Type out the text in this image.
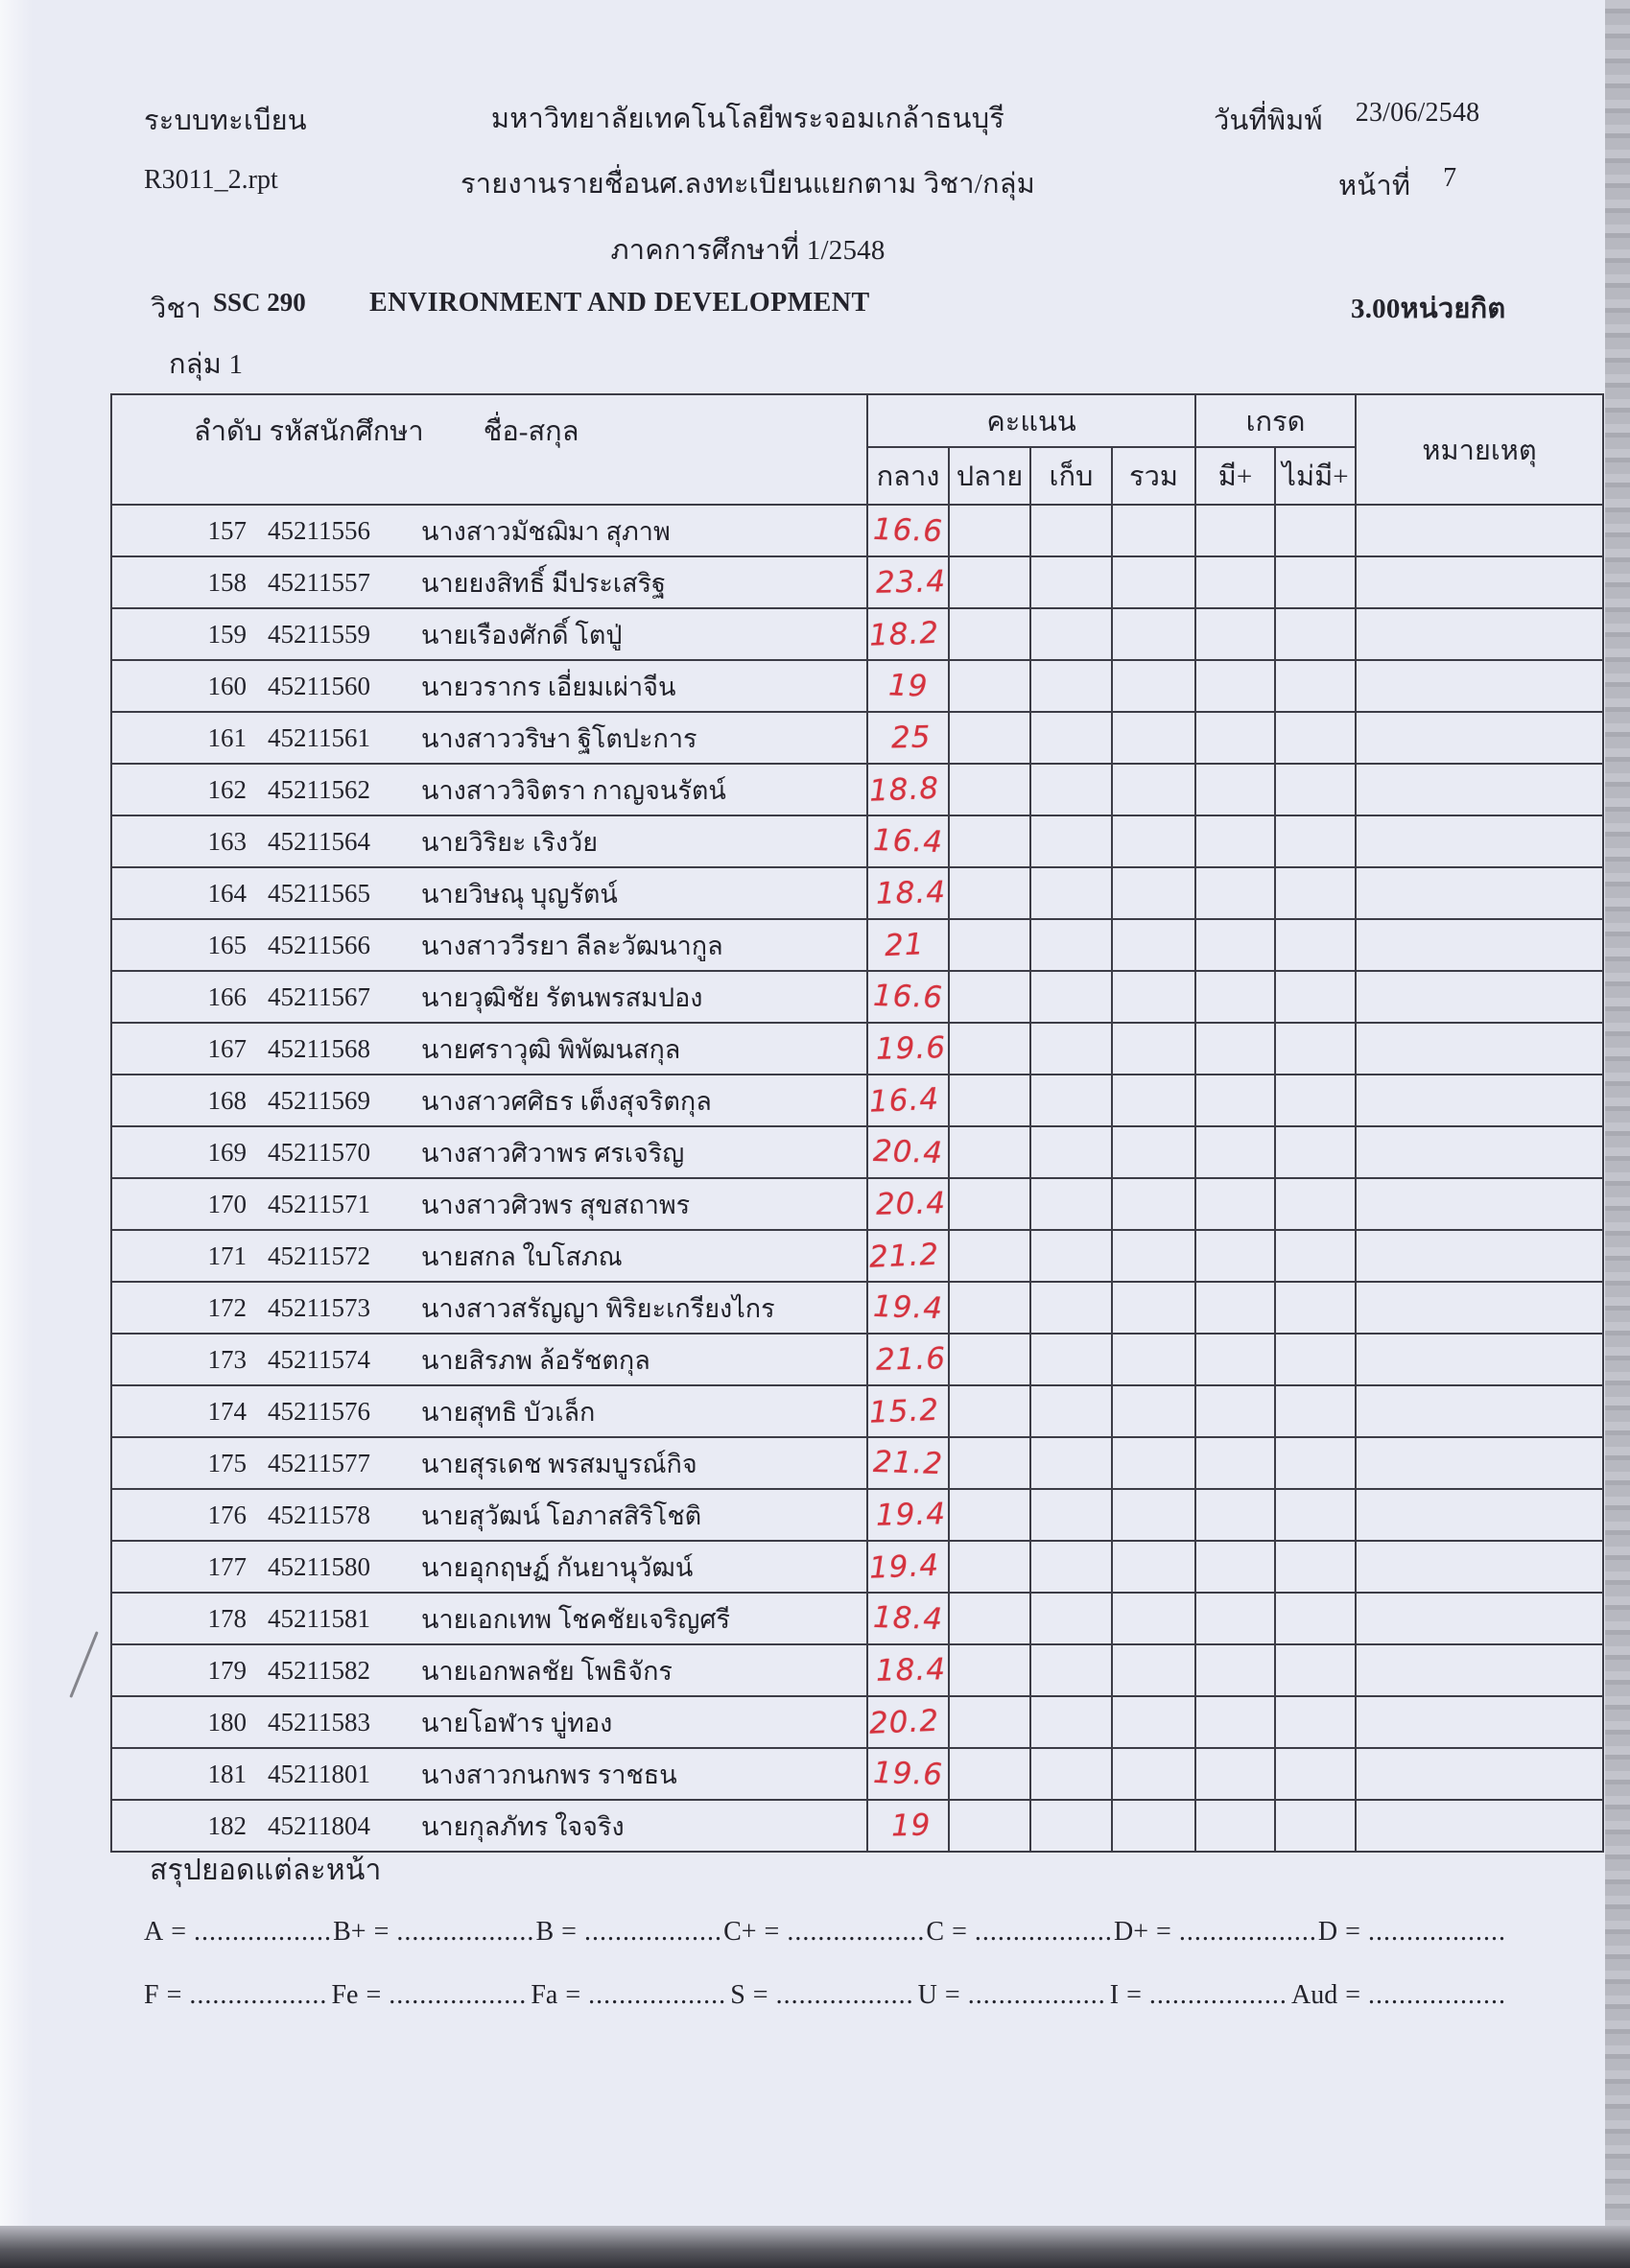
ระบบทะเบียน	มหาวิทยาลัยเทคโนโลยีพระจอมเกล้าธนบุรี	วันที่พิมพ์ 23/06/2548
R3011_2.rpt	รายงานรายชื่อนศ.ลงทะเบียนแยกตาม วิชา/กลุ่ม	หน้าที่ 7
ภาคการศึกษาที่ 1/2548
วิชา SSC 290 ENVIRONMENT AND DEVELOPMENT	3.00หน่วยกิต
กลุ่ม 1
ลำดับ รหัสนักศึกษา ชื่อ-สกุล	คะแนน				เกรด		หมายเหตุ
	กลาง	ปลาย	เก็บ	รวม	มี+	ไม่มี+	

157 45211556 นางสาวมัชฌิมา สุภาพ	16.6						

158 45211557 นายยงสิทธิ์ มีประเสริฐ	23.4						

159 45211559 นายเรืองศักดิ์ โตปู่	18.2						

160 45211560 นายวรากร เอี่ยมเผ่าจีน	19						

161 45211561 นางสาววริษา ฐิโตปะการ	25						

162 45211562 นางสาววิจิตรา กาญจนรัตน์	18.8						

163 45211564 นายวิริยะ เริงวัย	16.4						

164 45211565 นายวิษณุ บุญรัตน์	18.4						

165 45211566 นางสาววีรยา ลีละวัฒนากูล	21						

166 45211567 นายวุฒิชัย รัตนพรสมปอง	16.6						

167 45211568 นายศราวุฒิ พิพัฒนสกุล	19.6						

168 45211569 นางสาวศศิธร เต็งสุจริตกุล	16.4						

169 45211570 นางสาวศิวาพร ศรเจริญ	20.4						

170 45211571 นางสาวศิวพร สุขสถาพร	20.4						

171 45211572 นายสกล ใบโสภณ	21.2						

172 45211573 นางสาวสรัญญา พิริยะเกรียงไกร	19.4						

173 45211574 นายสิรภพ ล้อรัชตกุล	21.6						

174 45211576 นายสุทธิ บัวเล็ก	15.2						

175 45211577 นายสุรเดช พรสมบูรณ์กิจ	21.2						

176 45211578 นายสุวัฒน์ โอภาสสิริโชติ	19.4						

177 45211580 นายอุกฤษฏ์ กันยานุวัฒน์	19.4						

178 45211581 นายเอกเทพ โชคชัยเจริญศรี	18.4						

179 45211582 นายเอกพลชัย โพธิจักร	18.4						

180 45211583 นายโอฬาร บู่ทอง	20.2						

181 45211801 นางสาวกนกพร ราชธน	19.6						

182 45211804 นายกุลภัทร ใจจริง	19						
สรุปยอดแต่ละหน้า
A = .................. B+ = .................. B = .................. C+ = .................. C = .................. D+ = .................. D = ..................
F = .................. Fe = .................. Fa = .................. S = .................. U = .................. I = .................. Aud = ..................
